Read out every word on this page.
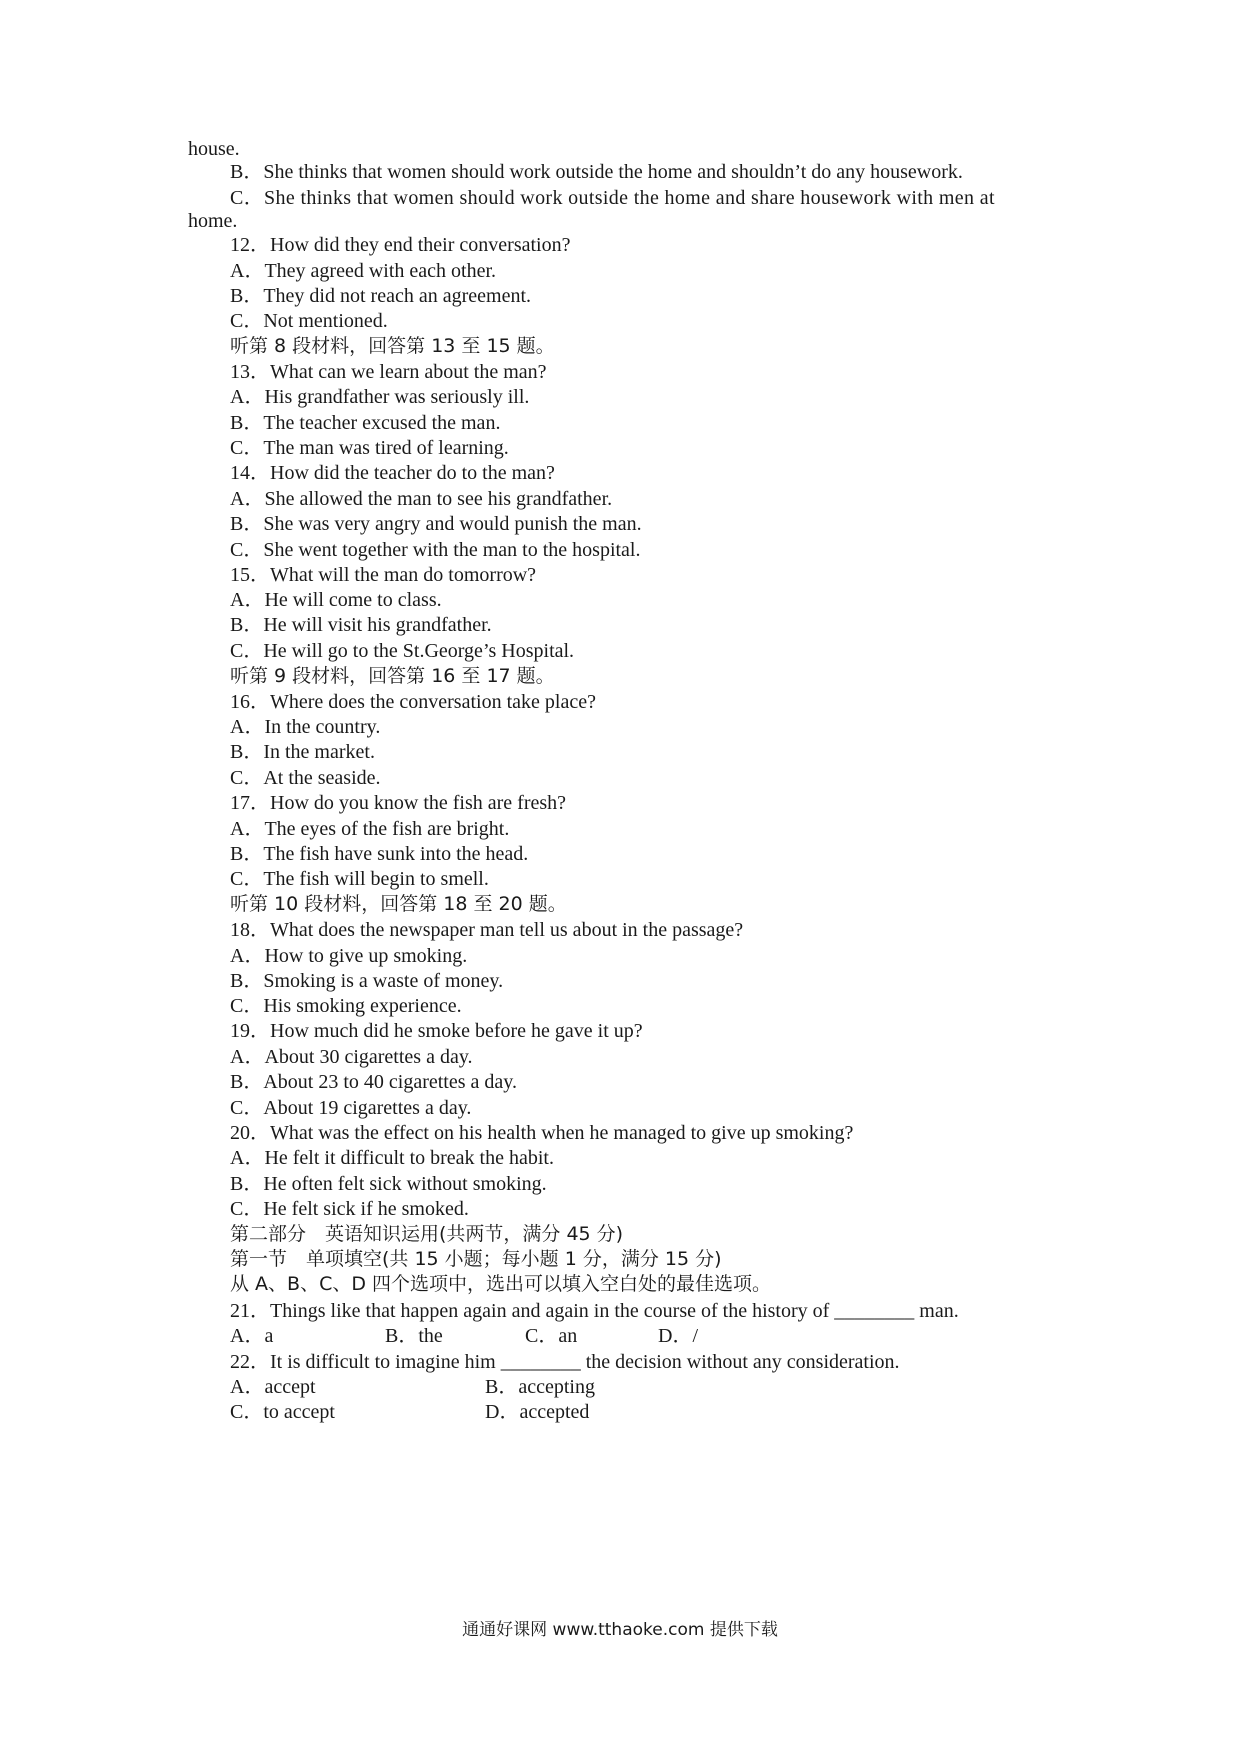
house.
B．She thinks that women should work outside the home and shouldn’t do any housework.
C．She thinks that women should work outside the home and share housework with men at
home.
12．How did they end their conversation?
A．They agreed with each other.
B．They did not reach an agreement.
C．Not mentioned.
听第 8 段材料，回答第 13 至 15 题。
13．What can we learn about the man?
A．His grandfather was seriously ill.
B．The teacher excused the man.
C．The man was tired of learning.
14．How did the teacher do to the man?
A．She allowed the man to see his grandfather.
B．She was very angry and would punish the man.
C．She went together with the man to the hospital.
15．What will the man do tomorrow?
A．He will come to class.
B．He will visit his grandfather.
C．He will go to the St.George’s Hospital.
听第 9 段材料，回答第 16 至 17 题。
16．Where does the conversation take place?
A．In the country.
B．In the market.
C．At the seaside.
17．How do you know the fish are fresh?
A．The eyes of the fish are bright.
B．The fish have sunk into the head.
C．The fish will begin to smell.
听第 10 段材料，回答第 18 至 20 题。
18．What does the newspaper man tell us about in the passage?
A．How to give up smoking.
B．Smoking is a waste of money.
C．His smoking experience.
19．How much did he smoke before he gave it up?
A．About 30 cigarettes a day.
B．About 23 to 40 cigarettes a day.
C．About 19 cigarettes a day.
20．What was the effect on his health when he managed to give up smoking?
A．He felt it difficult to break the habit.
B．He often felt sick without smoking.
C．He felt sick if he smoked.
第二部分　英语知识运用(共两节，满分 45 分)
第一节　单项填空(共 15 小题；每小题 1 分，满分 15 分)
从 A、B、C、D 四个选项中，选出可以填入空白处的最佳选项。
21．Things like that happen again and again in the course of the history of ________ man.
A．a	B．the	C．an	D．/
22．It is difficult to imagine him ________ the decision without any consideration.
A．accept	B．accepting
C．to accept	D．accepted
通通好课网 www.tthaoke.com 提供下载
